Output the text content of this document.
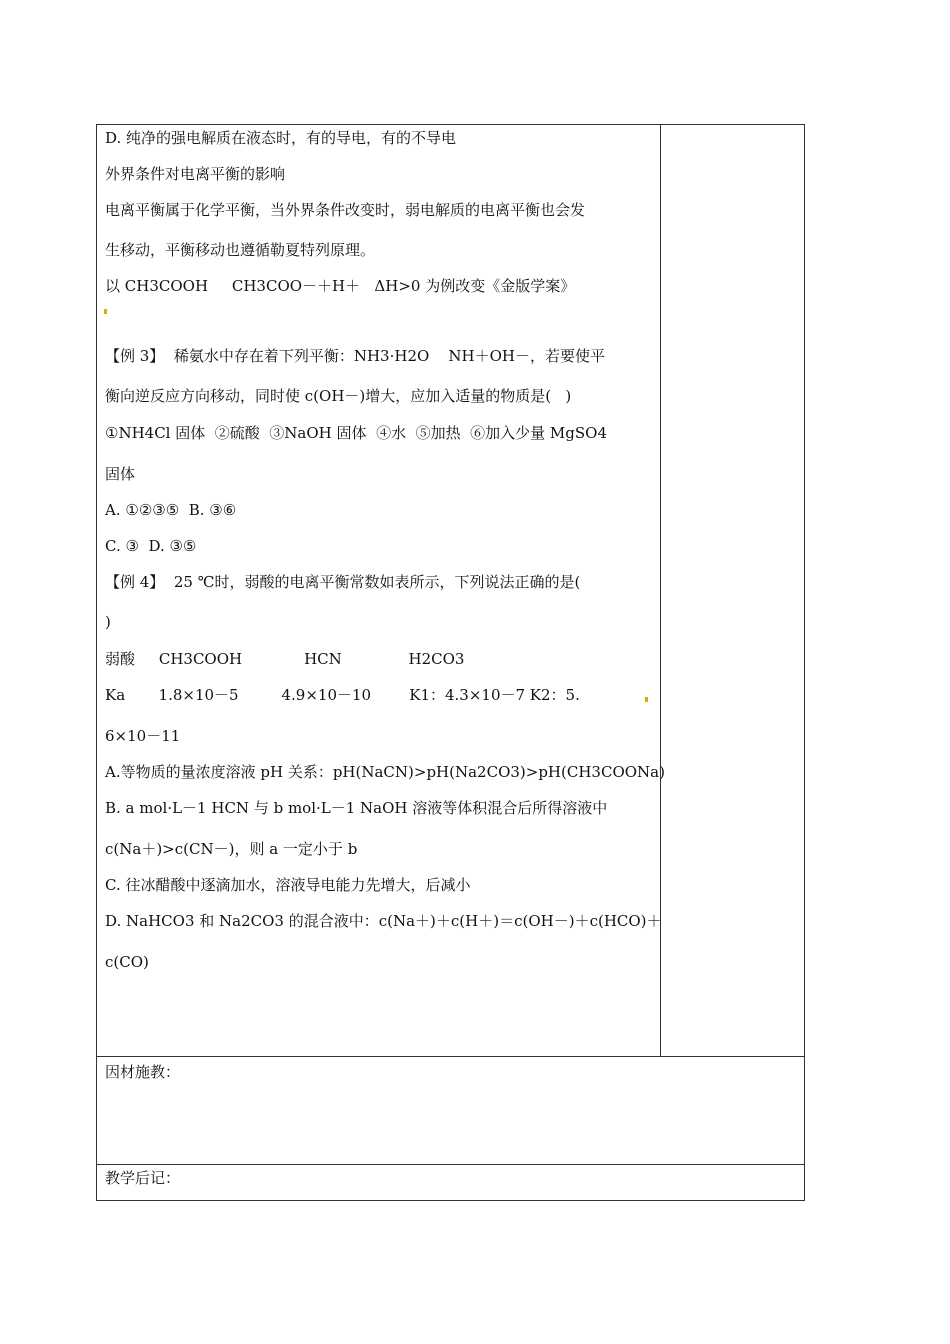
D. 纯净的强电解质在液态时，有的导电，有的不导电
外界条件对电离平衡的影响
电离平衡属于化学平衡，当外界条件改变时，弱电解质的电离平衡也会发
生移动，平衡移动也遵循勒夏特列原理。
以 CH3COOH     CH3COO－＋H＋   ΔH>0 为例改变《金版学案》
【例 3】  稀氨水中存在着下列平衡：NH3·H2O    NH＋OH－，若要使平
衡向逆反应方向移动，同时使 c(OH－)增大，应加入适量的物质是(   )
①NH4Cl 固体  ②硫酸  ③NaOH 固体  ④水  ⑤加热  ⑥加入少量 MgSO4
固体
A. ①②③⑤  B. ③⑥
C. ③  D. ③⑤
【例 4】  25 ℃时，弱酸的电离平衡常数如表所示，下列说法正确的是(
)
弱酸     CH3COOH             HCN              H2CO3
Ka       1.8×10－5         4.9×10－10        K1：4.3×10－7 K2：5.
6×10－11
A.等物质的量浓度溶液 pH 关系：pH(NaCN)>pH(Na2CO3)>pH(CH3COONa)
B. a mol·L－1 HCN 与 b mol·L－1 NaOH 溶液等体积混合后所得溶液中
c(Na＋)>c(CN－)，则 a 一定小于 b
C. 往冰醋酸中逐滴加水，溶液导电能力先增大，后减小
D. NaHCO3 和 Na2CO3 的混合液中：c(Na＋)＋c(H＋)＝c(OH－)＋c(HCO)＋
c(CO)
因材施教：
教学后记：
